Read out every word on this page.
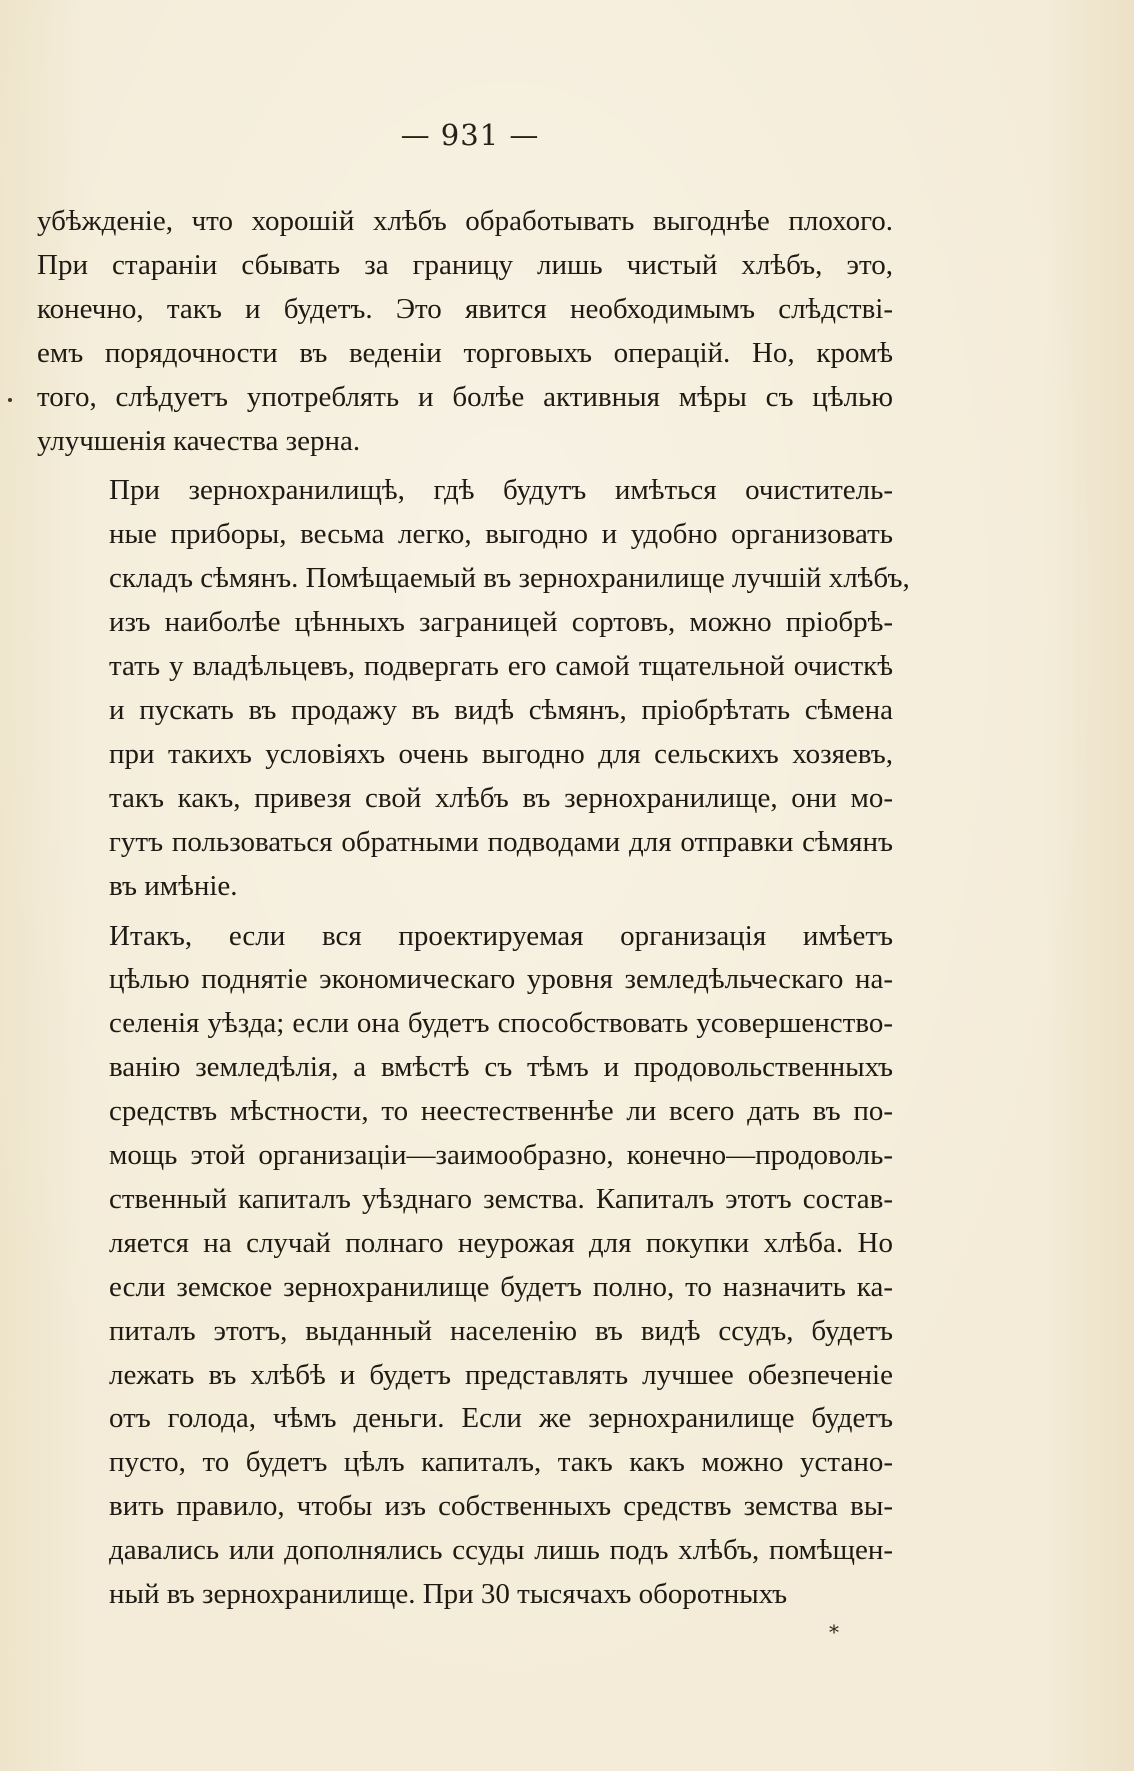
— 931 —

убѣжденіе, что хорошій хлѣбъ обработывать выгоднѣе плохого.
При стараніи сбывать за границу лишь чистый хлѣбъ, это,
конечно, такъ и будетъ. Это явится необходимымъ слѣдстві-
емъ порядочности въ веденіи торговыхъ операцій. Но, кромѣ
того, слѣдуетъ употреблять и болѣе активныя мѣры съ цѣлью
улучшенія качества зерна.

При зернохранилищѣ, гдѣ будутъ имѣться очиститель-
ные приборы, весьма легко, выгодно и удобно организовать
складъ сѣмянъ. Помѣщаемый въ зернохранилище лучшій хлѣбъ,
изъ наиболѣе цѣнныхъ заграницей сортовъ, можно пріобрѣ-
тать у владѣльцевъ, подвергать его самой тщательной очисткѣ
и пускать въ продажу въ видѣ сѣмянъ, пріобрѣтать сѣмена
при такихъ условіяхъ очень выгодно для сельскихъ хозяевъ,
такъ какъ, привезя свой хлѣбъ въ зернохранилище, они мо-
гутъ пользоваться обратными подводами для отправки сѣмянъ
въ имѣніе.

Итакъ, если вся проектируемая организація имѣетъ
цѣлью поднятіе экономическаго уровня земледѣльческаго на-
селенія уѣзда; если она будетъ способствовать усовершенство-
ванію земледѣлія, а вмѣстѣ съ тѣмъ и продовольственныхъ
средствъ мѣстности, то неестественнѣе ли всего дать въ по-
мощь этой организаціи—заимообразно, конечно—продоволь-
ственный капиталъ уѣзднаго земства. Капиталъ этотъ состав-
ляется на случай полнаго неурожая для покупки хлѣба. Но
если земское зернохранилище будетъ полно, то назначить ка-
питалъ этотъ, выданный населенію въ видѣ ссудъ, будетъ
лежать въ хлѣбѣ и будетъ представлять лучшее обезпеченіе
отъ голода, чѣмъ деньги. Если же зернохранилище будетъ
пусто, то будетъ цѣлъ капиталъ, такъ какъ можно устано-
вить правило, чтобы изъ собственныхъ средствъ земства вы-
давались или дополнялись ссуды лишь подъ хлѣбъ, помѣщен-
ный въ зернохранилище. При 30 тысячахъ оборотныхъ

*
